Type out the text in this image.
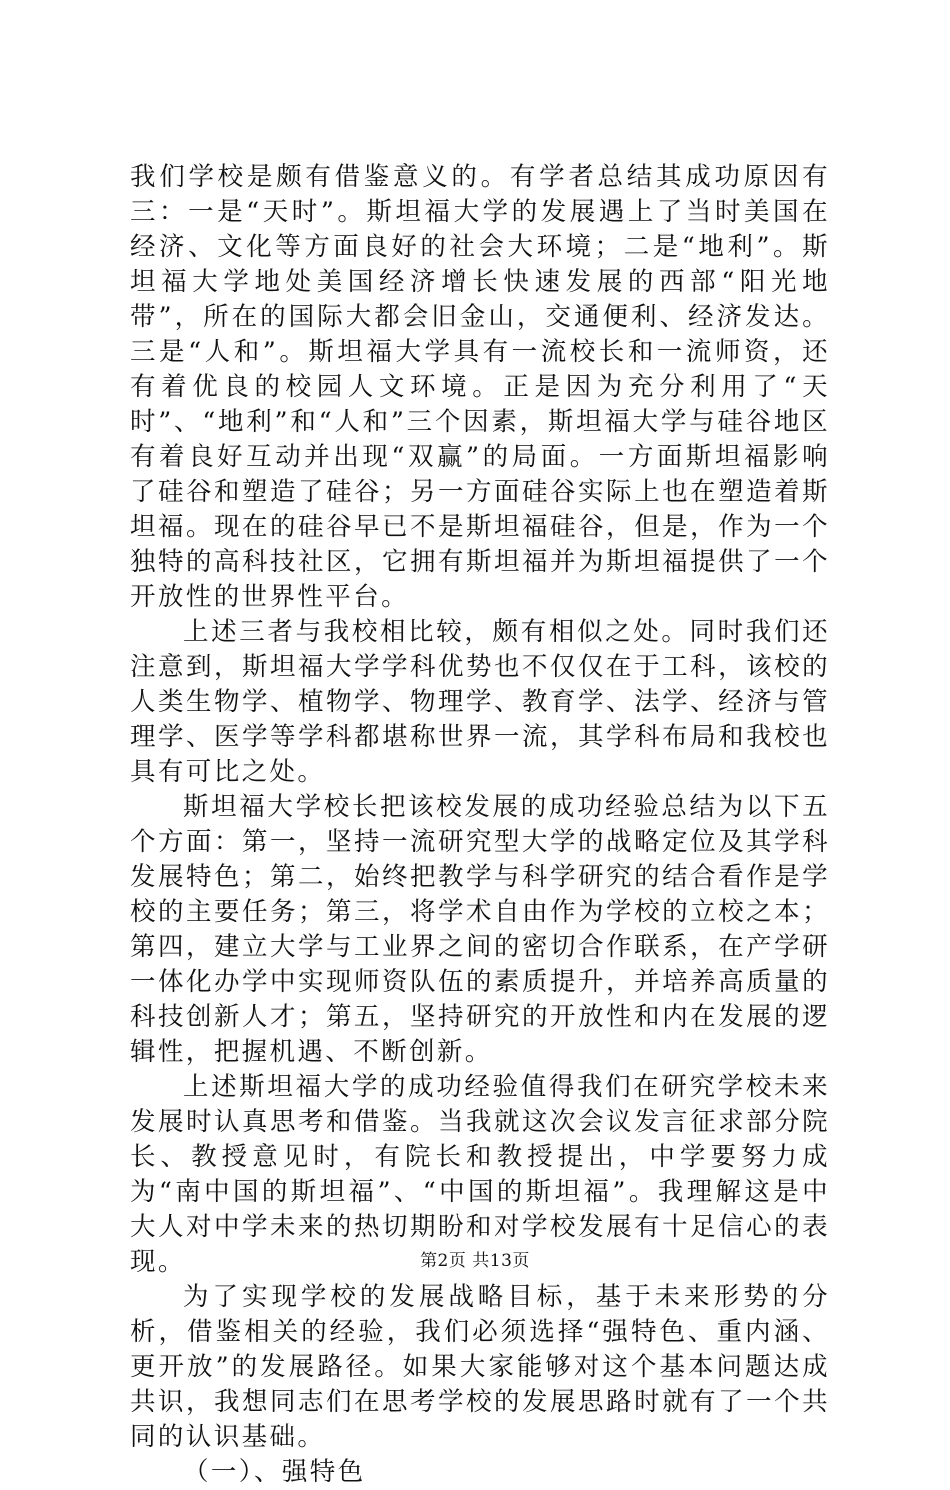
我们学校是颇有借鉴意义的。有学者总结其成功原因有三：一是“天时”。斯坦福大学的发展遇上了当时美国在经济、文化等方面良好的社会大环境；二是“地利”。斯坦福大学地处美国经济增长快速发展的西部“阳光地带”，所在的国际大都会旧金山，交通便利、经济发达。三是“人和”。斯坦福大学具有一流校长和一流师资，还有着优良的校园人文环境。正是因为充分利用了“天时”、“地利”和“人和”三个因素，斯坦福大学与硅谷地区有着良好互动并出现“双赢”的局面。一方面斯坦福影响了硅谷和塑造了硅谷；另一方面硅谷实际上也在塑造着斯坦福。现在的硅谷早已不是斯坦福硅谷，但是，作为一个独特的高科技社区，它拥有斯坦福并为斯坦福提供了一个开放性的世界性平台。

上述三者与我校相比较，颇有相似之处。同时我们还注意到，斯坦福大学学科优势也不仅仅在于工科，该校的人类生物学、植物学、物理学、教育学、法学、经济与管理学、医学等学科都堪称世界一流，其学科布局和我校也具有可比之处。

斯坦福大学校长把该校发展的成功经验总结为以下五个方面：第一，坚持一流研究型大学的战略定位及其学科发展特色；第二，始终把教学与科学研究的结合看作是学校的主要任务；第三，将学术自由作为学校的立校之本；第四，建立大学与工业界之间的密切合作联系，在产学研一体化办学中实现师资队伍的素质提升，并培养高质量的科技创新人才；第五，坚持研究的开放性和内在发展的逻辑性，把握机遇、不断创新。

上述斯坦福大学的成功经验值得我们在研究学校未来发展时认真思考和借鉴。当我就这次会议发言征求部分院长、教授意见时，有院长和教授提出，中学要努力成为“南中国的斯坦福”、“中国的斯坦福”。我理解这是中大人对中学未来的热切期盼和对学校发展有十足信心的表现。

为了实现学校的发展战略目标，基于未来形势的分析，借鉴相关的经验，我们必须选择“强特色、重内涵、更开放”的发展路径。如果大家能够对这个基本问题达成共识，我想同志们在思考学校的发展思路时就有了一个共同的认识基础。

（一）、强特色

第2页 共13页
